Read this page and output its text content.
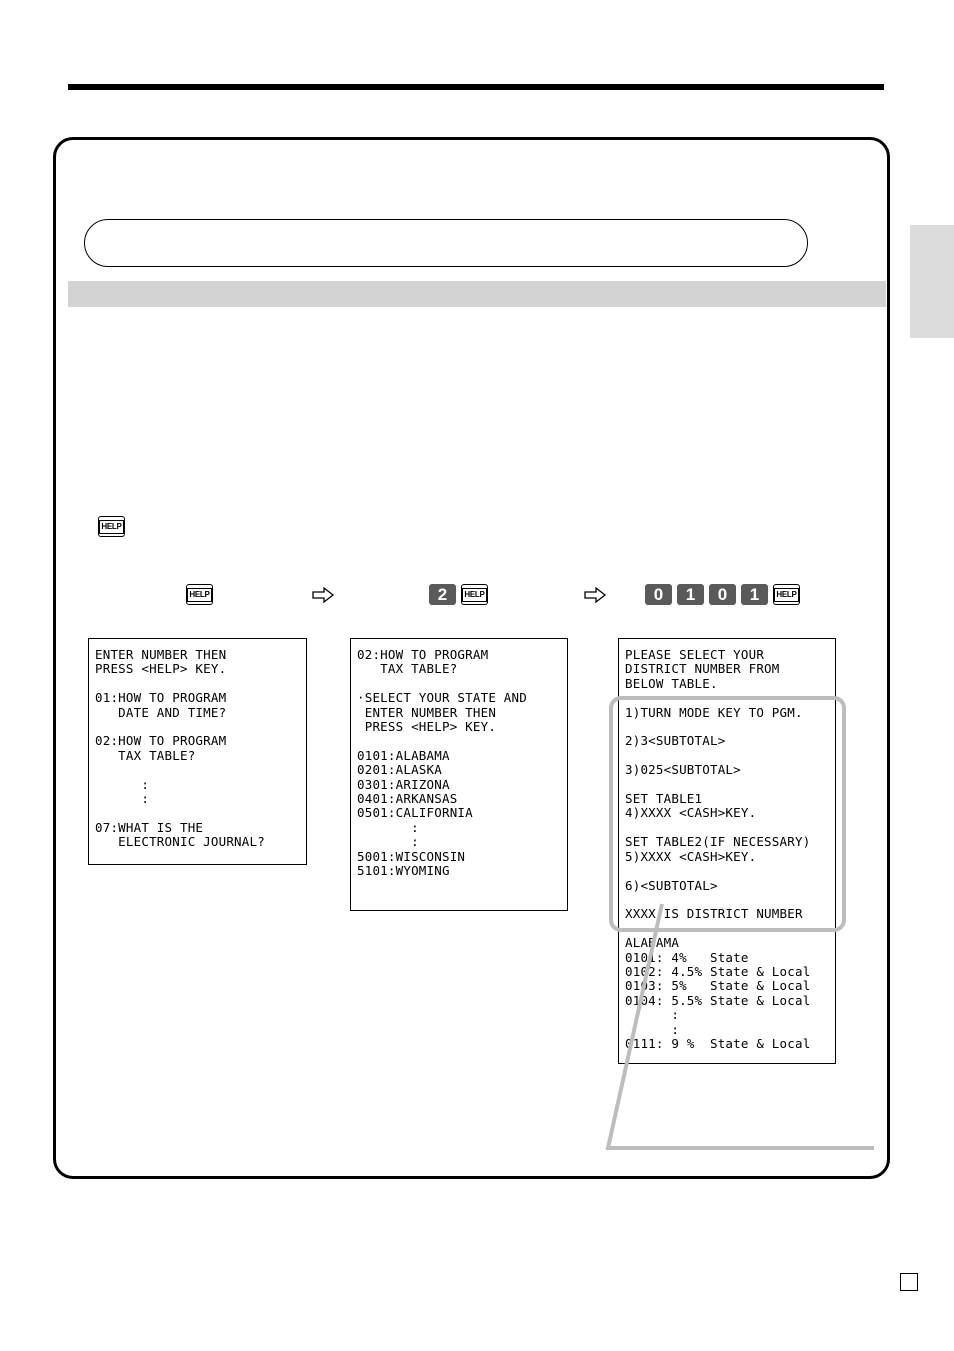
HELP
HELP	2	HELP	0	1	0	1	HELP
ENTER NUMBER THEN
PRESS <HELP> KEY.

01:HOW TO PROGRAM
DATE AND TIME?

02:HOW TO PROGRAM
TAX TABLE?

:
:

07:WHAT IS THE
ELECTRONIC JOURNAL?

02:HOW TO PROGRAM
TAX TABLE?

·SELECT YOUR STATE AND
ENTER NUMBER THEN
PRESS <HELP> KEY.

0101:ALABAMA
0201:ALASKA
0301:ARIZONA
0401:ARKANSAS
0501:CALIFORNIA
:
:
5001:WISCONSIN
5101:WYOMING

PLEASE SELECT YOUR
DISTRICT NUMBER FROM
BELOW TABLE.

1)TURN MODE KEY TO PGM.

2)3<SUBTOTAL>

3)025<SUBTOTAL>

SET TABLE1
4)XXXX <CASH>KEY.

SET TABLE2(IF NECESSARY)
5)XXXX <CASH>KEY.

6)<SUBTOTAL>

XXXX IS DISTRICT NUMBER

ALABAMA
0101: 4%   State
0102: 4.5% State & Local
0103: 5%   State & Local
0104: 5.5% State & Local
:
:
0111: 9 %  State & Local
